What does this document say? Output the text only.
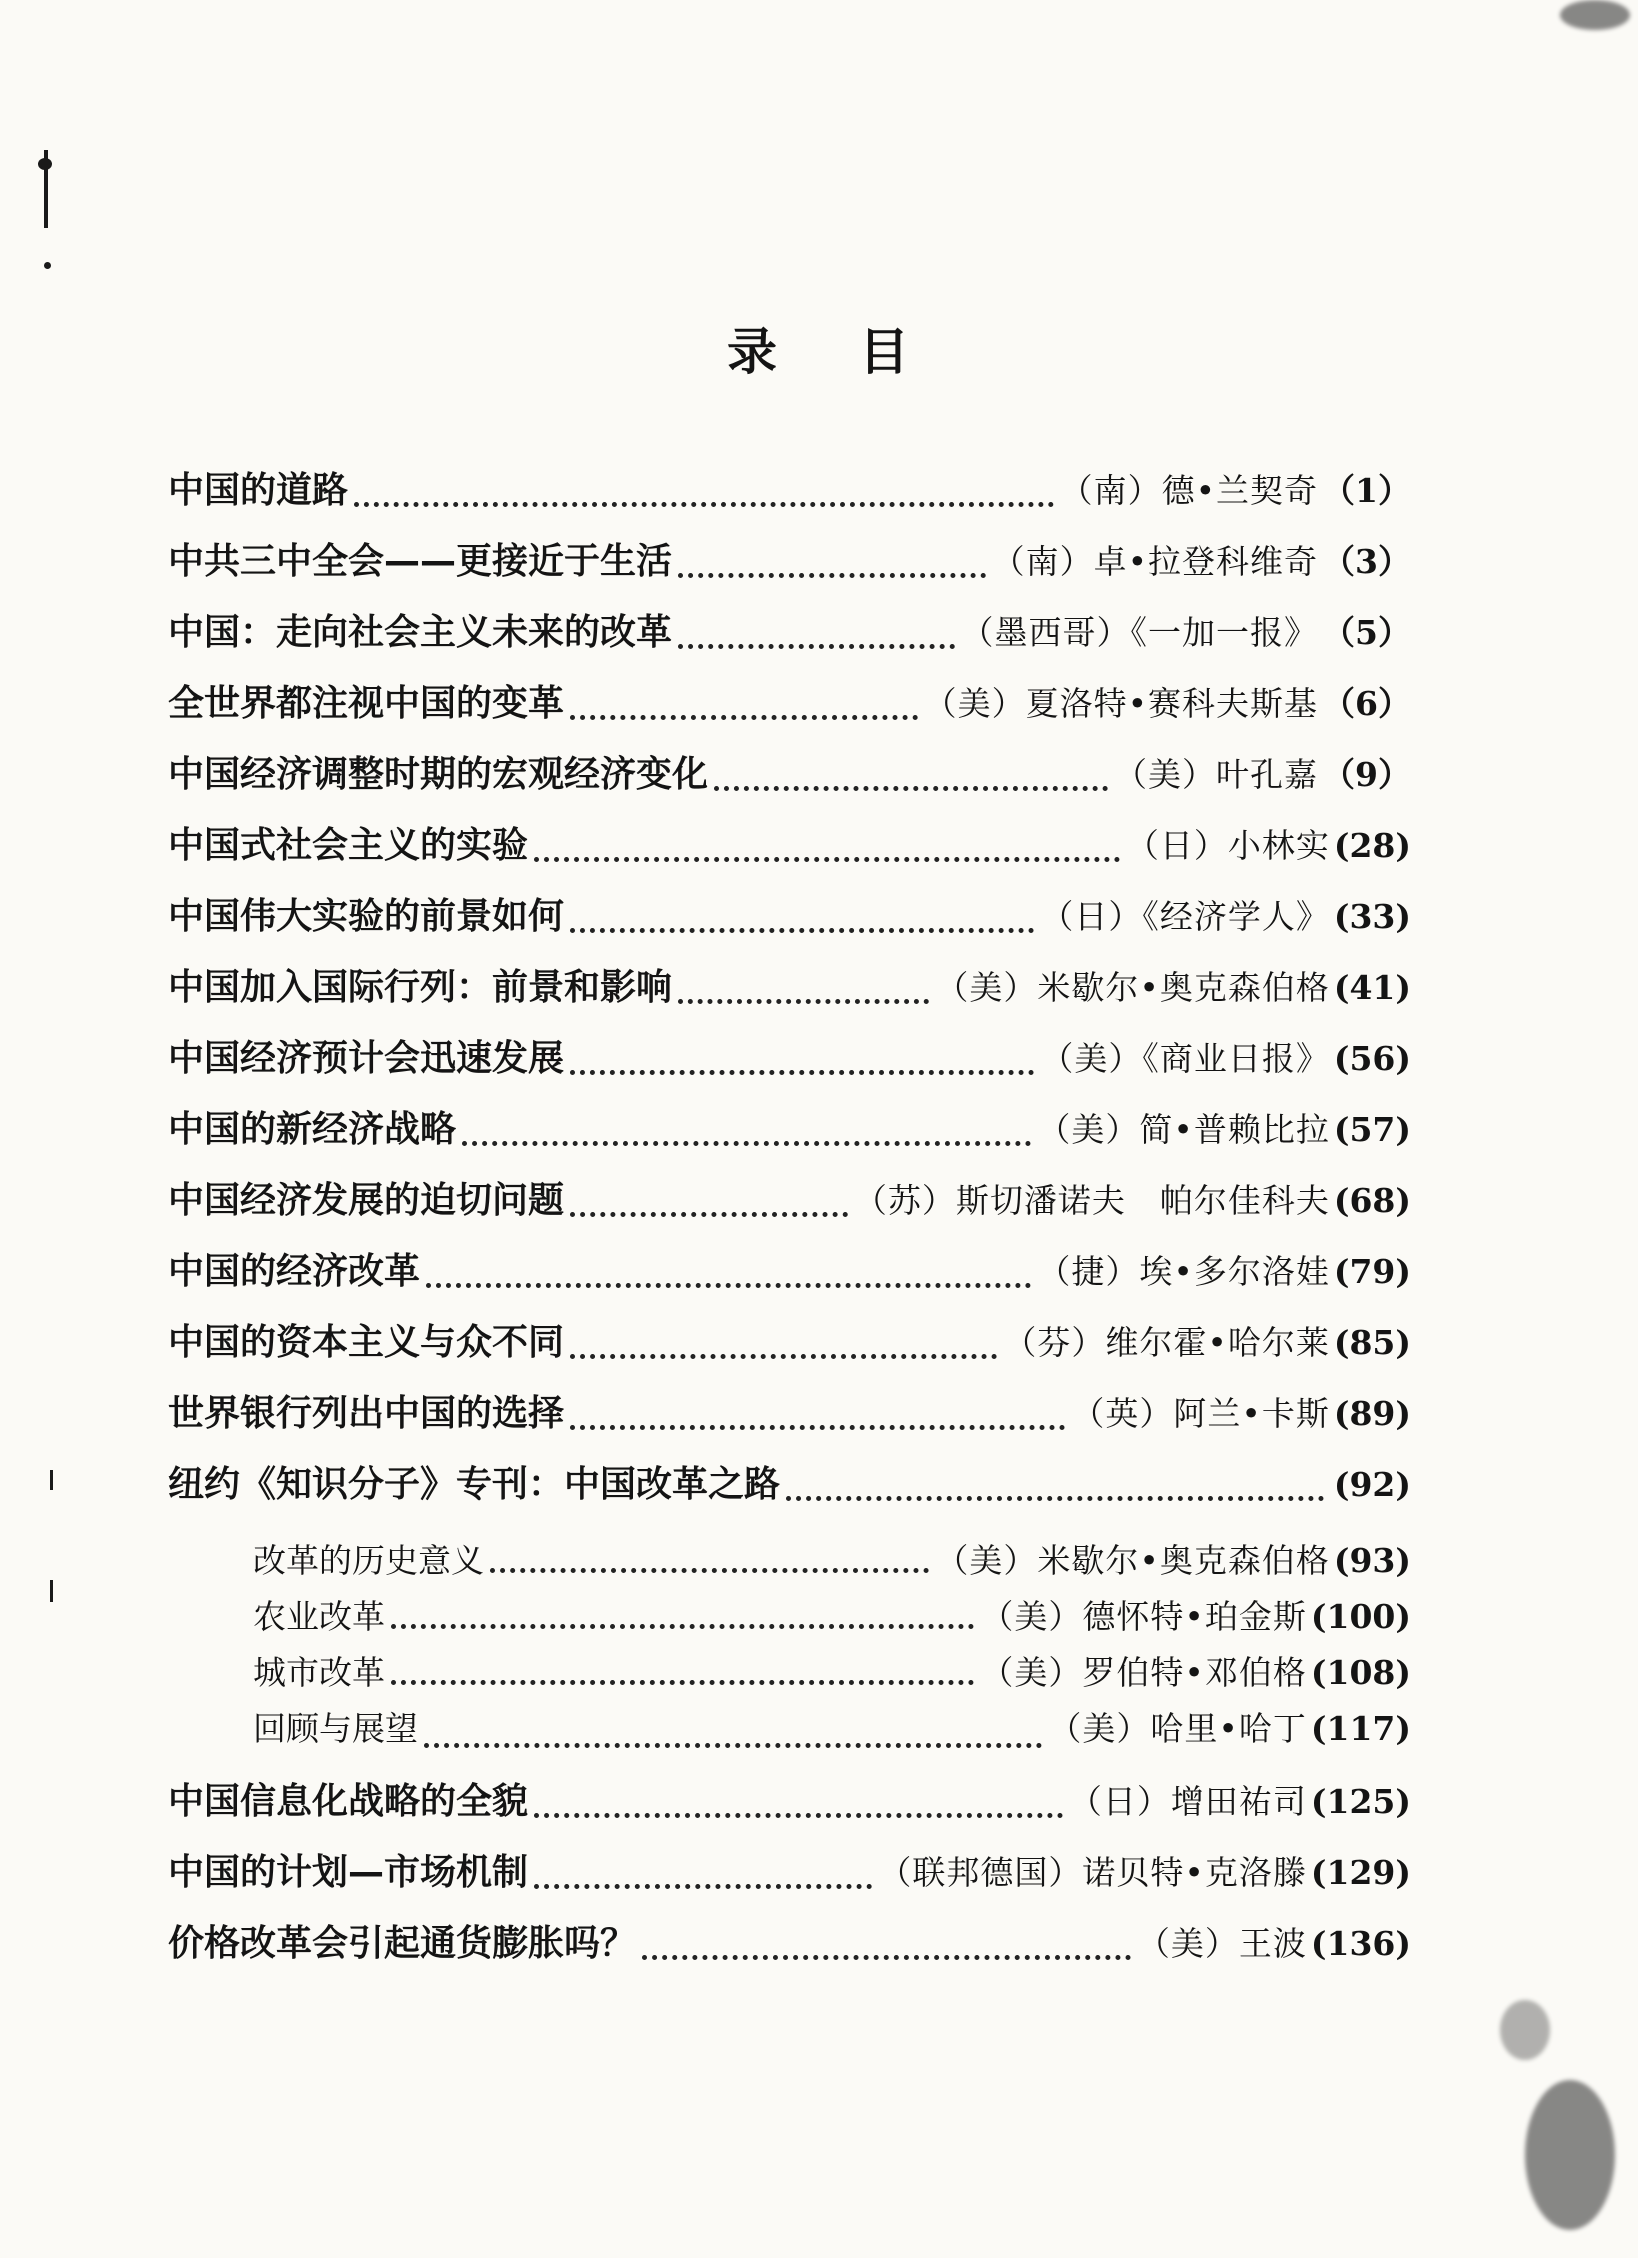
录 目
中国的道路	（南）德•兰契奇 （1）
中共三中全会——更接近于生活	（南）卓•拉登科维奇 （3）
中国：走向社会主义未来的改革	（墨西哥）《一加一报》 （5）
全世界都注视中国的变革	（美）夏洛特•赛科夫斯基 （6）
中国经济调整时期的宏观经济变化	（美）叶孔嘉 （9）
中国式社会主义的实验	（日）小林实 (28)
中国伟大实验的前景如何	（日）《经济学人》 (33)
中国加入国际行列：前景和影响	（美）米歇尔•奥克森伯格 (41)
中国经济预计会迅速发展	（美）《商业日报》 (56)
中国的新经济战略	（美）简•普赖比拉 (57)
中国经济发展的迫切问题	（苏）斯切潘诺夫　帕尔佳科夫 (68)
中国的经济改革	（捷）埃•多尔洛娃 (79)
中国的资本主义与众不同	（芬）维尔霍•哈尔莱 (85)
世界银行列出中国的选择	（英）阿兰•卡斯 (89)
纽约《知识分子》专刊：中国改革之路	(92)
改革的历史意义	（美）米歇尔•奥克森伯格 (93)
农业改革	（美）德怀特•珀金斯 (100)
城市改革	（美）罗伯特•邓伯格 (108)
回顾与展望	（美）哈里•哈丁 (117)
中国信息化战略的全貌	（日）增田祐司 (125)
中国的计划—市场机制	（联邦德国）诺贝特•克洛滕 (129)
价格改革会引起通货膨胀吗？	（美）王波 (136)
